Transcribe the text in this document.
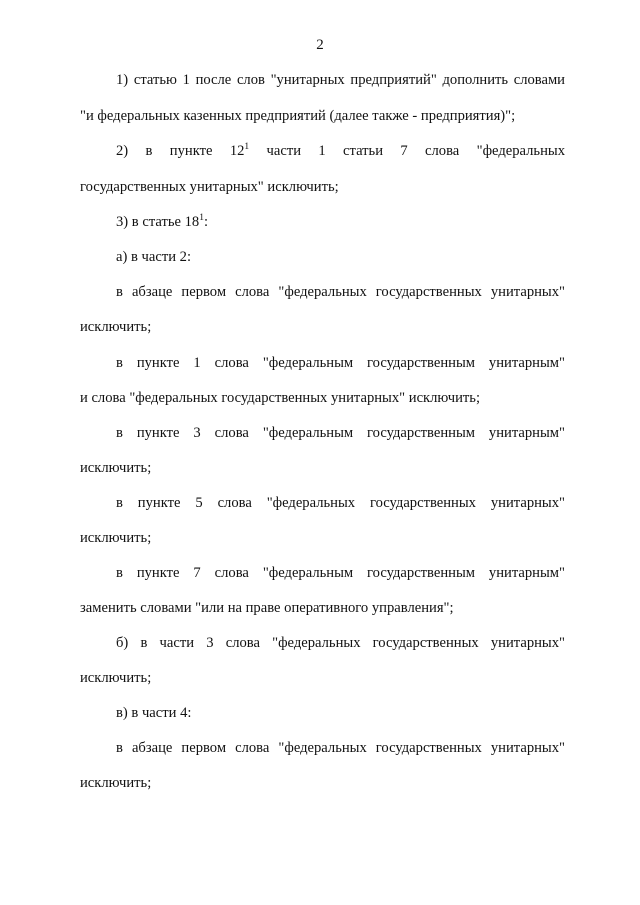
2
1) статью 1 после слов "унитарных предприятий" дополнить словами
"и федеральных казенных предприятий (далее также - предприятия)";
2) в пункте $12^1$ части 1 статьи 7 слова "федеральных
государственных унитарных" исключить;
3) в статье $18^1$:
а) в части 2:
в абзаце первом слова "федеральных государственных унитарных"
исключить;
в пункте 1 слова "федеральным государственным унитарным"
и слова "федеральных государственных унитарных" исключить;
в пункте 3 слова "федеральным государственным унитарным"
исключить;
в пункте 5 слова "федеральных государственных унитарных"
исключить;
в пункте 7 слова "федеральным государственным унитарным"
заменить словами "или на праве оперативного управления";
б) в части 3 слова "федеральных государственных унитарных"
исключить;
в) в части 4:
в абзаце первом слова "федеральных государственных унитарных"
исключить;
